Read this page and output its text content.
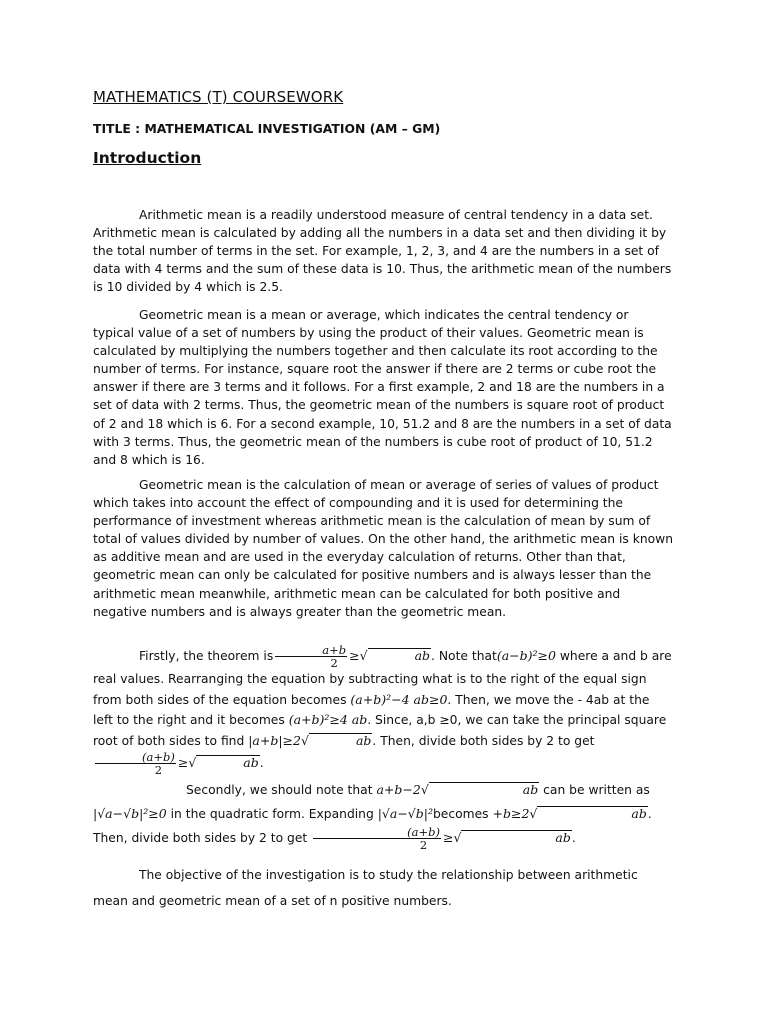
MATHEMATICS (T) COURSEWORK
TITLE : MATHEMATICAL INVESTIGATION (AM – GM)
Introduction

Arithmetic mean is a readily understood measure of central tendency in a data set. Arithmetic mean is calculated by adding all the numbers in a data set and then dividing it by the total number of terms in the set. For example, 1, 2, 3, and 4 are the numbers in a set of data with 4 terms and the sum of these data is 10. Thus, the arithmetic mean of the numbers is 10 divided by 4 which is 2.5.

Geometric mean is a mean or average, which indicates the central tendency or typical value of a set of numbers by using the product of their values. Geometric mean is calculated by multiplying the numbers together and then calculate its root according to the number of terms. For instance, square root the answer if there are 2 terms or cube root the answer if there are 3 terms and it follows. For a first example, 2 and 18 are the numbers in a set of data with 2 terms. Thus, the geometric mean of the numbers is square root of product of 2 and 18 which is 6. For a second example, 10, 51.2 and 8 are the numbers in a set of data with 3 terms. Thus, the geometric mean of the numbers is cube root of product of 10, 51.2 and 8 which is 16.

Geometric mean is the calculation of mean or average of series of values of product which takes into account the effect of compounding and it is used for determining the performance of investment whereas arithmetic mean is the calculation of mean by sum of total of values divided by number of values. On the other hand, the arithmetic mean is known as additive mean and are used in the everyday calculation of returns. Other than that, geometric mean can only be calculated for positive numbers and is always lesser than the arithmetic mean meanwhile, arithmetic mean can be calculated for both positive and negative numbers and is always greater than the geometric mean.

Firstly, the theorem is $\frac{a+b}{2}$ ≥√	ab. Note that(a−b)²≥0 where a and b are real values. Rearranging the equation by subtracting what is to the right of the equal sign from both sides of the equation becomes (a+b)²−4 ab≥0. Then, we move the - 4ab at the left to the right and it becomes (a+b)²≥4 ab. Since, a,b ≥0, we can take the principal square root of both sides to find |a+b|≥2√	ab. Then, divide both sides by 2 to get
$\frac{(a+b)}{2}$ ≥√	ab.

Secondly, we should note that a+b−2√	ab can be written as |√a−√b|²≥0 in the quadratic form. Expanding |√a−√b|²becomes +b≥2√	ab. Then, divide both sides by 2 to get $\frac{(a+b)}{2}$ ≥√	ab.

The objective of the investigation is to study the relationship between arithmetic mean and geometric mean of a set of n positive numbers.
